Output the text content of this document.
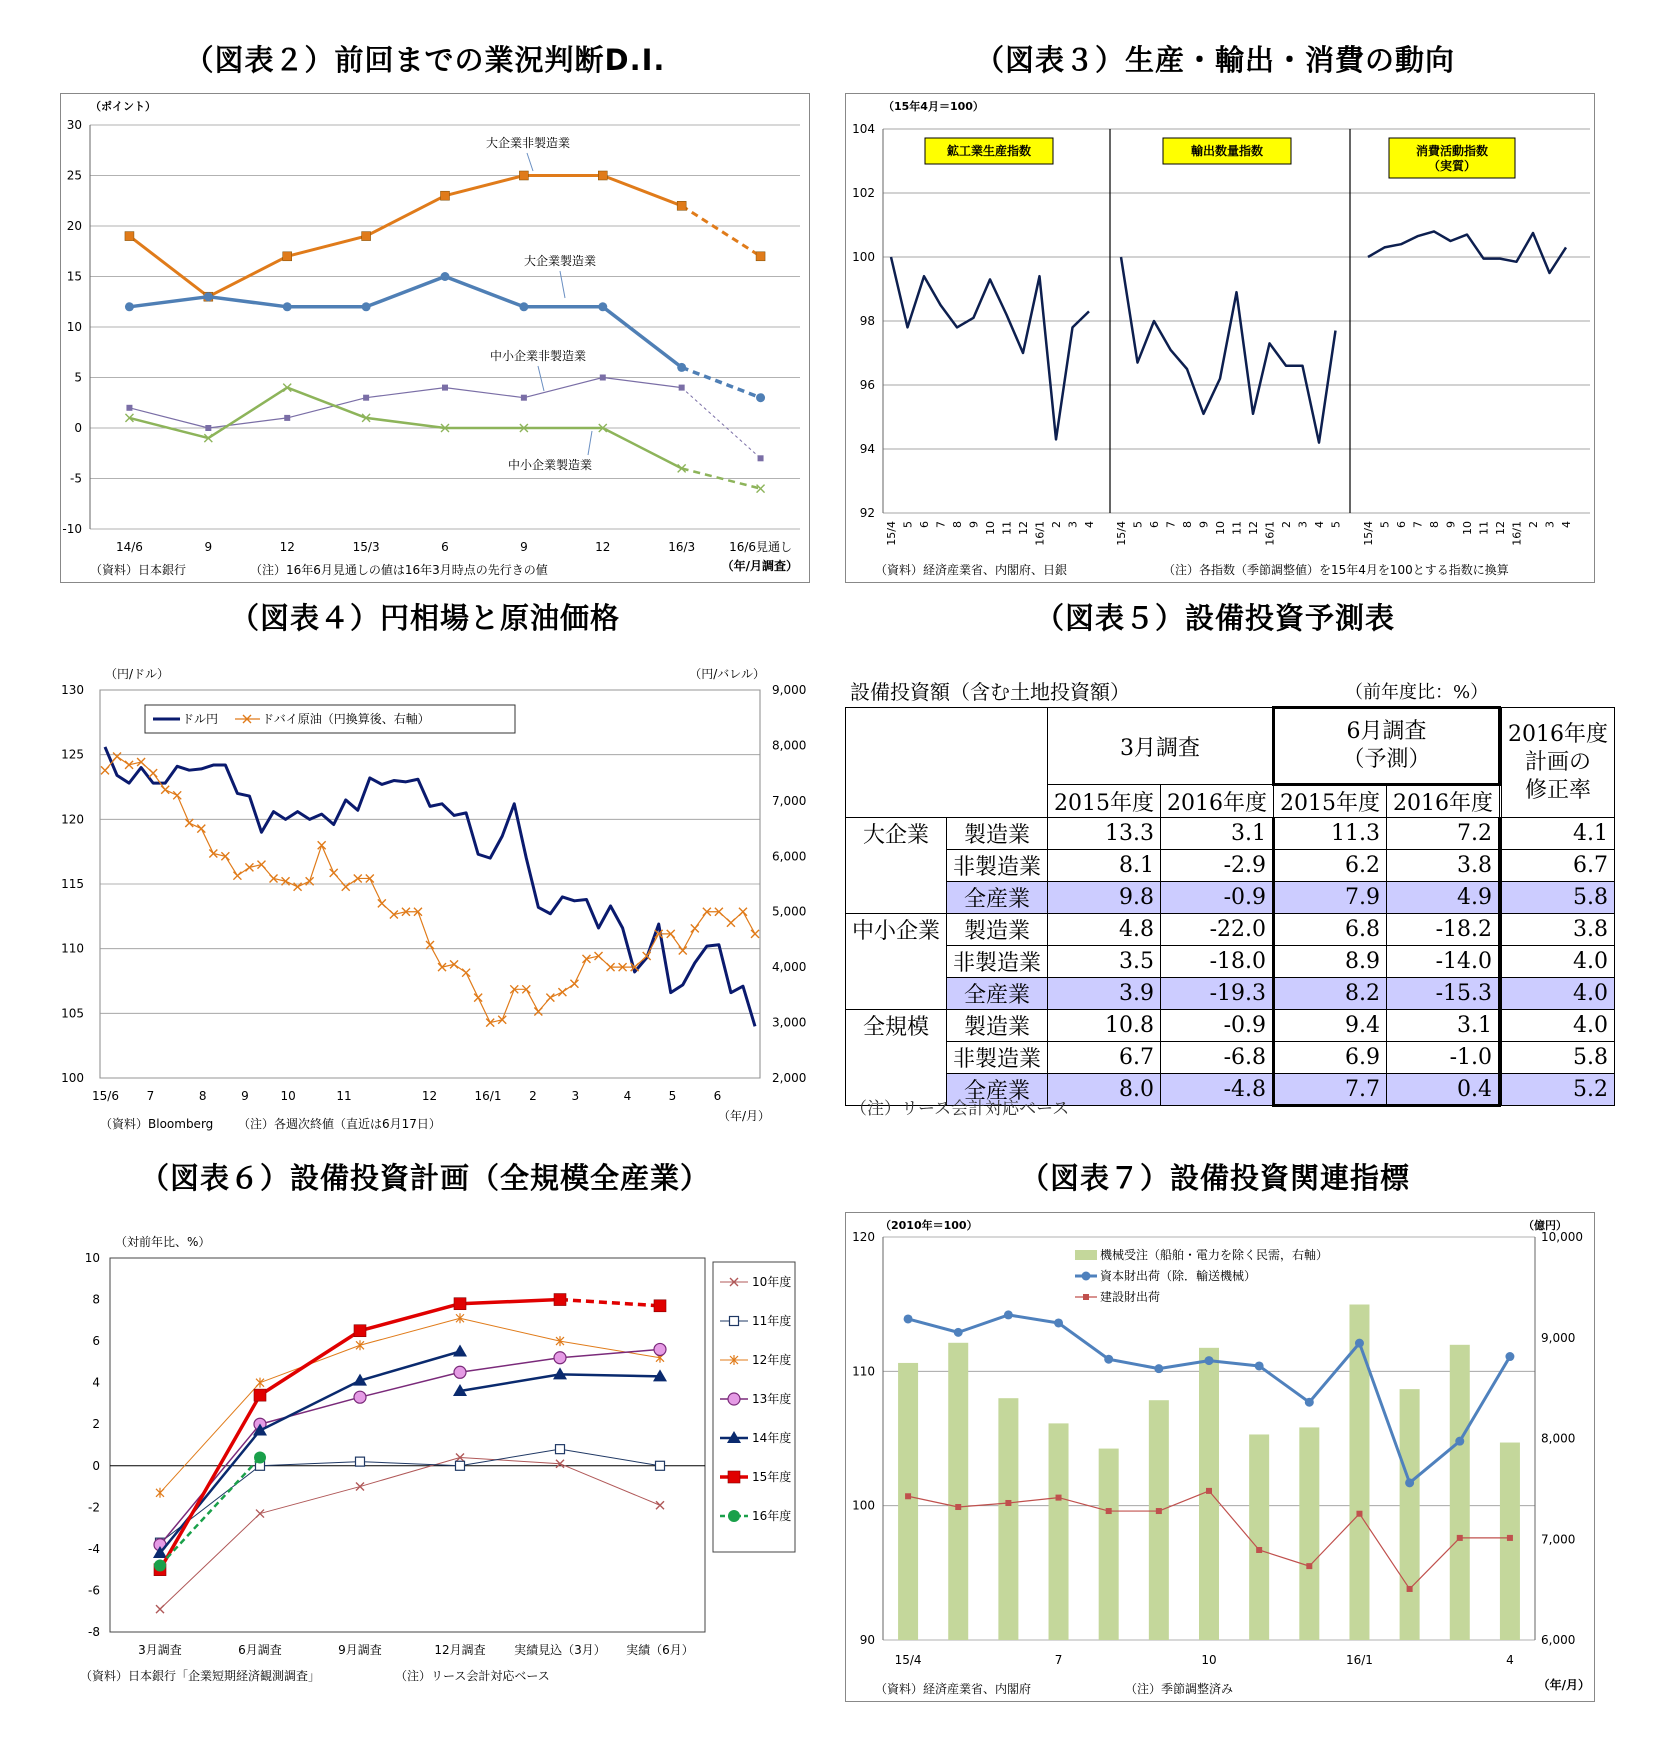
（図表２）前回までの業況判断D.I.	（図表３）生産・輸出・消費の動向
（図表４）円相場と原油価格	（図表５）設備投資予測表
（図表６）設備投資計画（全規模全産業）	（図表７）設備投資関連指標
-10
-5
0
5
10
15
20
25
30
（ポイント）
14/6	9	12	15/3	6	9	12	16/3	16/6見通し
（年/月調査）
（資料）日本銀行	（注）16年6月見通しの値は16年3月時点の先行きの値
大企業非製造業
大企業製造業
中小企業非製造業
中小企業製造業
92
94
96
98
100
102
104
（15年4月＝100）
鉱工業生産指数
15/4 5 6 7 8 9 10 11 12 16/1 2 3 4
輸出数量指数
15/4 5 6 7 8 9 10 11 12 16/1 2 3 4 5
消費活動指数
（実質）
15/4 5 6 7 8 9 10 11 12 16/1 2 3 4
（資料）経済産業省、内閣府、日銀	（注）各指数（季節調整値）を15年4月を100とする指数に換算
100
105
110
115
120
125
130
2,000
3,000
4,000
5,000
6,000
7,000
8,000
9,000
（円/ドル）	（円/バレル）
15/6 7	8	9	10	11	12	16/1 2	3	4	5	6
（年/月）
（資料）Bloomberg （注）各週次終値（直近は6月17日）
ドル円	ドバイ原油（円換算後、右軸）
-8
-6
-4
-2
0
2
4
6
8
10
（対前年比、%）
3月調査	6月調査	9月調査	12月調査 実績見込（3月） 実績（6月）
（資料）日本銀行「企業短期経済観測調査」	（注）リース会計対応ベース
10年度
11年度
12年度
13年度
14年度
15年度
16年度
90
100
110
120
6,000
7,000
8,000
9,000
10,000
（2010年＝100）	（億円）
15/4	7	10	16/1	4
（年/月）
（資料）経済産業省、内閣府	（注）季節調整済み
機械受注（船舶・電力を除く民需，右軸）
資本財出荷（除．輸送機械）
建設財出荷
設備投資額（含む土地投資額）	（前年度比：%）
		3月調査		6月調査
（予測）			2016年度
計画の
修正率
		2015年度	2016年度	2015年度	2016年度		
大企業	製造業	13.3	3.1	11.3	7.2		4.1
	非製造業	8.1	-2.9	6.2	3.8		6.7
	全産業	9.8	-0.9	7.9	4.9		5.8
中小企業	製造業	4.8	-22.0	6.8	-18.2		3.8
	非製造業	3.5	-18.0	8.9	-14.0		4.0
	全産業	3.9	-19.3	8.2	-15.3		4.0
全規模	製造業	10.8	-0.9	9.4	3.1		4.0
	非製造業	6.7	-6.8	6.9	-1.0		5.8
	全産業	8.0	-4.8	7.7	0.4		5.2
（注）リース会計対応ベース
